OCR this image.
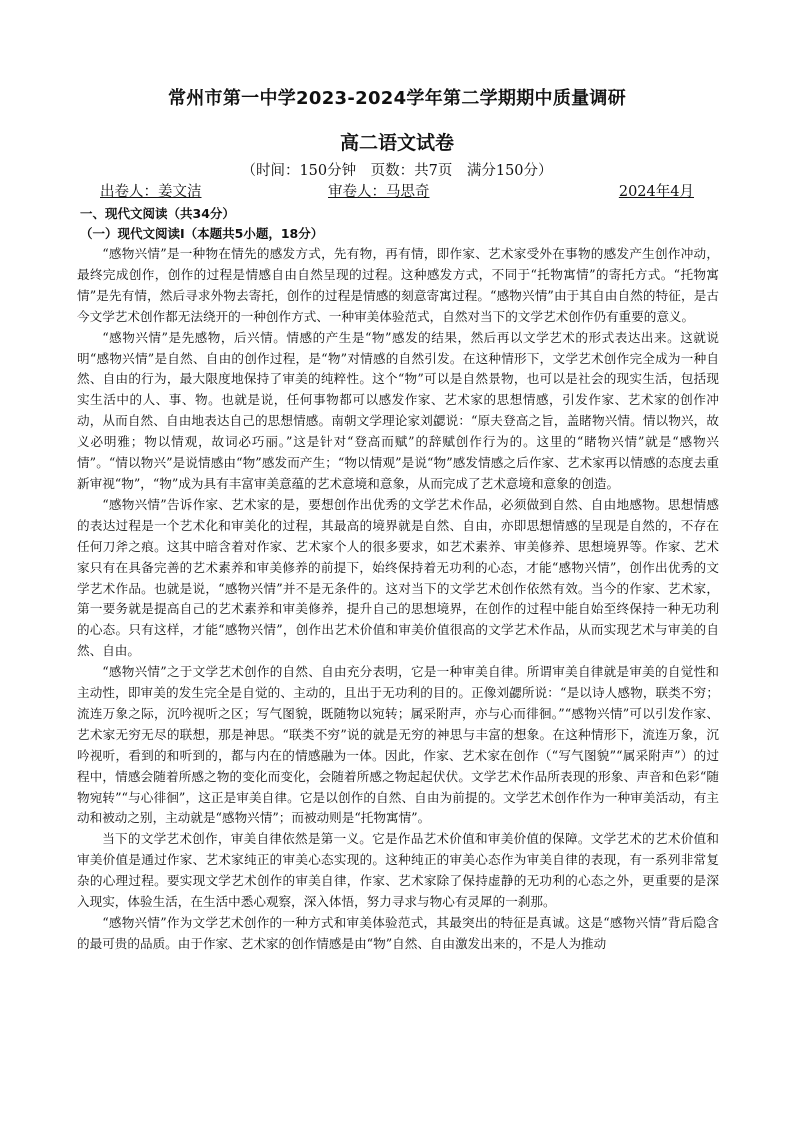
常州市第一中学2023-2024学年第二学期期中质量调研
高二语文试卷
（时间：150分钟　页数：共7页　满分150分）
出卷人：姜文洁	审卷人：马思奇	2024年4月
一、现代文阅读（共34分）
（一）现代文阅读Ⅰ（本题共5小题，18分）

“感物兴情”是一种物在情先的感发方式，先有物，再有情，即作家、艺术家受外在事物的感发产生创作冲动，最终完成创作，创作的过程是情感自由自然呈现的过程。这种感发方式，不同于“托物寓情”的寄托方式。“托物寓情”是先有情，然后寻求外物去寄托，创作的过程是情感的刻意寄寓过程。“感物兴情”由于其自由自然的特征，是古今文学艺术创作都无法绕开的一种创作方式、一种审美体验范式，自然对当下的文学艺术创作仍有重要的意义。

“感物兴情”是先感物，后兴情。情感的产生是“物”感发的结果，然后再以文学艺术的形式表达出来。这就说明“感物兴情”是自然、自由的创作过程，是“物”对情感的自然引发。在这种情形下，文学艺术创作完全成为一种自然、自由的行为，最大限度地保持了审美的纯粹性。这个“物”可以是自然景物，也可以是社会的现实生活，包括现实生活中的人、事、物。也就是说，任何事物都可以感发作家、艺术家的思想情感，引发作家、艺术家的创作冲动，从而自然、自由地表达自己的思想情感。南朝文学理论家刘勰说：“原夫登高之旨，盖睹物兴情。情以物兴，故义必明雅；物以情观，故词必巧丽。”这是针对“登高而赋”的辞赋创作行为的。这里的“睹物兴情”就是“感物兴情”。“情以物兴”是说情感由“物”感发而产生；“物以情观”是说“物”感发情感之后作家、艺术家再以情感的态度去重新审视“物”，“物”成为具有丰富审美意蕴的艺术意境和意象，从而完成了艺术意境和意象的创造。

“感物兴情”告诉作家、艺术家的是，要想创作出优秀的文学艺术作品，必须做到自然、自由地感物。思想情感的表达过程是一个艺术化和审美化的过程，其最高的境界就是自然、自由，亦即思想情感的呈现是自然的，不存在任何刀斧之痕。这其中暗含着对作家、艺术家个人的很多要求，如艺术素养、审美修养、思想境界等。作家、艺术家只有在具备完善的艺术素养和审美修养的前提下，始终保持着无功利的心态，才能“感物兴情”，创作出优秀的文学艺术作品。也就是说，“感物兴情”并不是无条件的。这对当下的文学艺术创作依然有效。当今的作家、艺术家，第一要务就是提高自己的艺术素养和审美修养，提升自己的思想境界，在创作的过程中能自始至终保持一种无功利的心态。只有这样，才能“感物兴情”，创作出艺术价值和审美价值很高的文学艺术作品，从而实现艺术与审美的自然、自由。

“感物兴情”之于文学艺术创作的自然、自由充分表明，它是一种审美自律。所谓审美自律就是审美的自觉性和主动性，即审美的发生完全是自觉的、主动的，且出于无功利的目的。正像刘勰所说：“是以诗人感物，联类不穷；流连万象之际，沉吟视听之区；写气图貌，既随物以宛转；属采附声，亦与心而徘徊。”“感物兴情”可以引发作家、艺术家无穷无尽的联想，那是神思。“联类不穷”说的就是无穷的神思与丰富的想象。在这种情形下，流连万象，沉吟视听，看到的和听到的，都与内在的情感融为一体。因此，作家、艺术家在创作（“写气图貌”“属采附声”）的过程中，情感会随着所感之物的变化而变化，会随着所感之物起起伏伏。文学艺术作品所表现的形象、声音和色彩“随物宛转”“与心徘徊”，这正是审美自律。它是以创作的自然、自由为前提的。文学艺术创作作为一种审美活动，有主动和被动之别，主动就是“感物兴情”；而被动则是“托物寓情”。

当下的文学艺术创作，审美自律依然是第一义。它是作品艺术价值和审美价值的保障。文学艺术的艺术价值和审美价值是通过作家、艺术家纯正的审美心态实现的。这种纯正的审美心态作为审美自律的表现，有一系列非常复杂的心理过程。要实现文学艺术创作的审美自律，作家、艺术家除了保持虚静的无功利的心态之外，更重要的是深入现实，体验生活，在生活中悉心观察，深入体悟，努力寻求与物心有灵犀的一刹那。

“感物兴情”作为文学艺术创作的一种方式和审美体验范式，其最突出的特征是真诚。这是“感物兴情”背后隐含的最可贵的品质。由于作家、艺术家的创作情感是由“物”自然、自由激发出来的，不是人为推动
